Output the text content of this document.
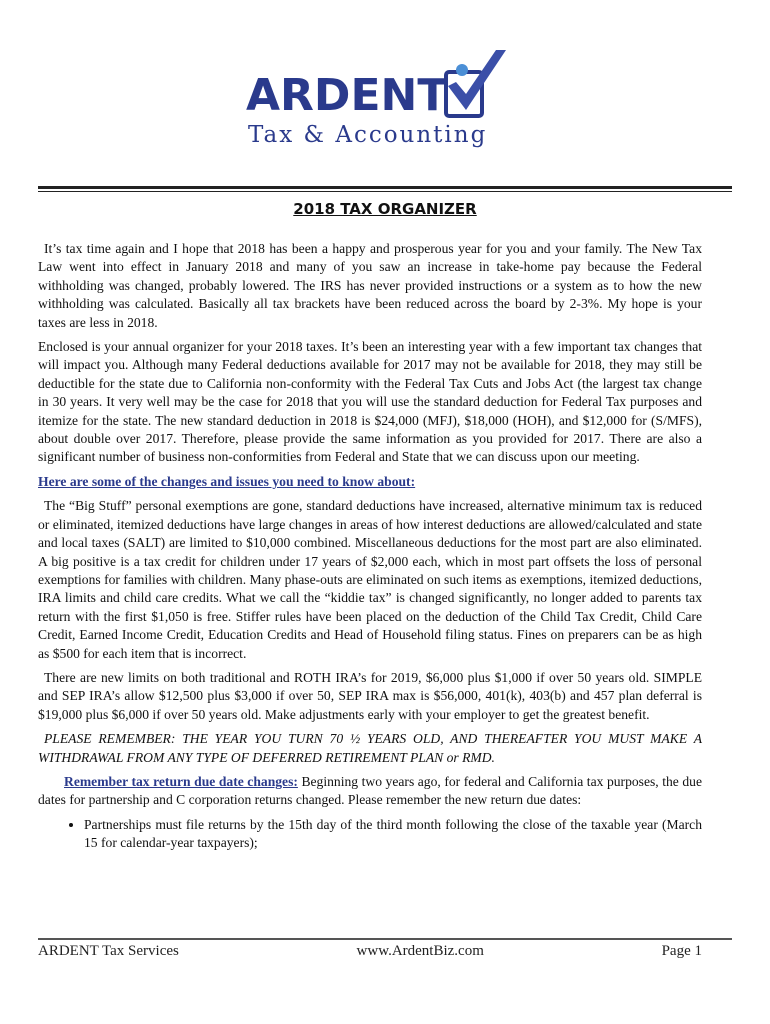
ARDENT
Tax & Accounting
2018 TAX ORGANIZER

It’s tax time again and I hope that 2018 has been a happy and prosperous year for you and your family. The New Tax Law went into effect in January 2018 and many of you saw an increase in take-home pay because the Federal withholding was changed, probably lowered. The IRS has never provided instructions or a system as to how the new withholding was calculated. Basically all tax brackets have been reduced across the board by 2-3%. My hope is your taxes are less in 2018.

Enclosed is your annual organizer for your 2018 taxes. It’s been an interesting year with a few important tax changes that will impact you. Although many Federal deductions available for 2017 may not be available for 2018, they may still be deductible for the state due to California non-conformity with the Federal Tax Cuts and Jobs Act (the largest tax change in 30 years. It very well may be the case for 2018 that you will use the standard deduction for Federal Tax purposes and itemize for the state. The new standard deduction in 2018 is $24,000 (MFJ), $18,000 (HOH), and $12,000 for (S/MFS), about double over 2017. Therefore, please provide the same information as you provided for 2017. There are also a significant number of business non-conformities from Federal and State that we can discuss upon our meeting.

Here are some of the changes and issues you need to know about:

The “Big Stuff” personal exemptions are gone, standard deductions have increased, alternative minimum tax is reduced or eliminated, itemized deductions have large changes in areas of how interest deductions are allowed/calculated and state and local taxes (SALT) are limited to $10,000 combined. Miscellaneous deductions for the most part are also eliminated. A big positive is a tax credit for children under 17 years of $2,000 each, which in most part offsets the loss of personal exemptions for families with children. Many phase-outs are eliminated on such items as exemptions, itemized deductions, IRA limits and child care credits. What we call the “kiddie tax” is changed significantly, no longer added to parents tax return with the first $1,050 is free. Stiffer rules have been placed on the deduction of the Child Tax Credit, Child Care Credit, Earned Income Credit, Education Credits and Head of Household filing status. Fines on preparers can be as high as $500 for each item that is incorrect.

There are new limits on both traditional and ROTH IRA’s for 2019, $6,000 plus $1,000 if over 50 years old. SIMPLE and SEP IRA’s allow $12,500 plus $3,000 if over 50, SEP IRA max is $56,000, 401(k), 403(b) and 457 plan deferral is $19,000 plus $6,000 if over 50 years old. Make adjustments early with your employer to get the greatest benefit.

PLEASE REMEMBER: THE YEAR YOU TURN 70 ½ YEARS OLD, AND THEREAFTER YOU MUST MAKE A WITHDRAWAL FROM ANY TYPE OF DEFERRED RETIREMENT PLAN or RMD.

Remember tax return due date changes: Beginning two years ago, for federal and California tax purposes, the due dates for partnership and C corporation returns changed. Please remember the new return due dates:

• Partnerships must file returns by the 15th day of the third month following the close of the taxable year (March 15 for calendar-year taxpayers);
ARDENT Tax Services	www.ArdentBiz.com	Page 1
